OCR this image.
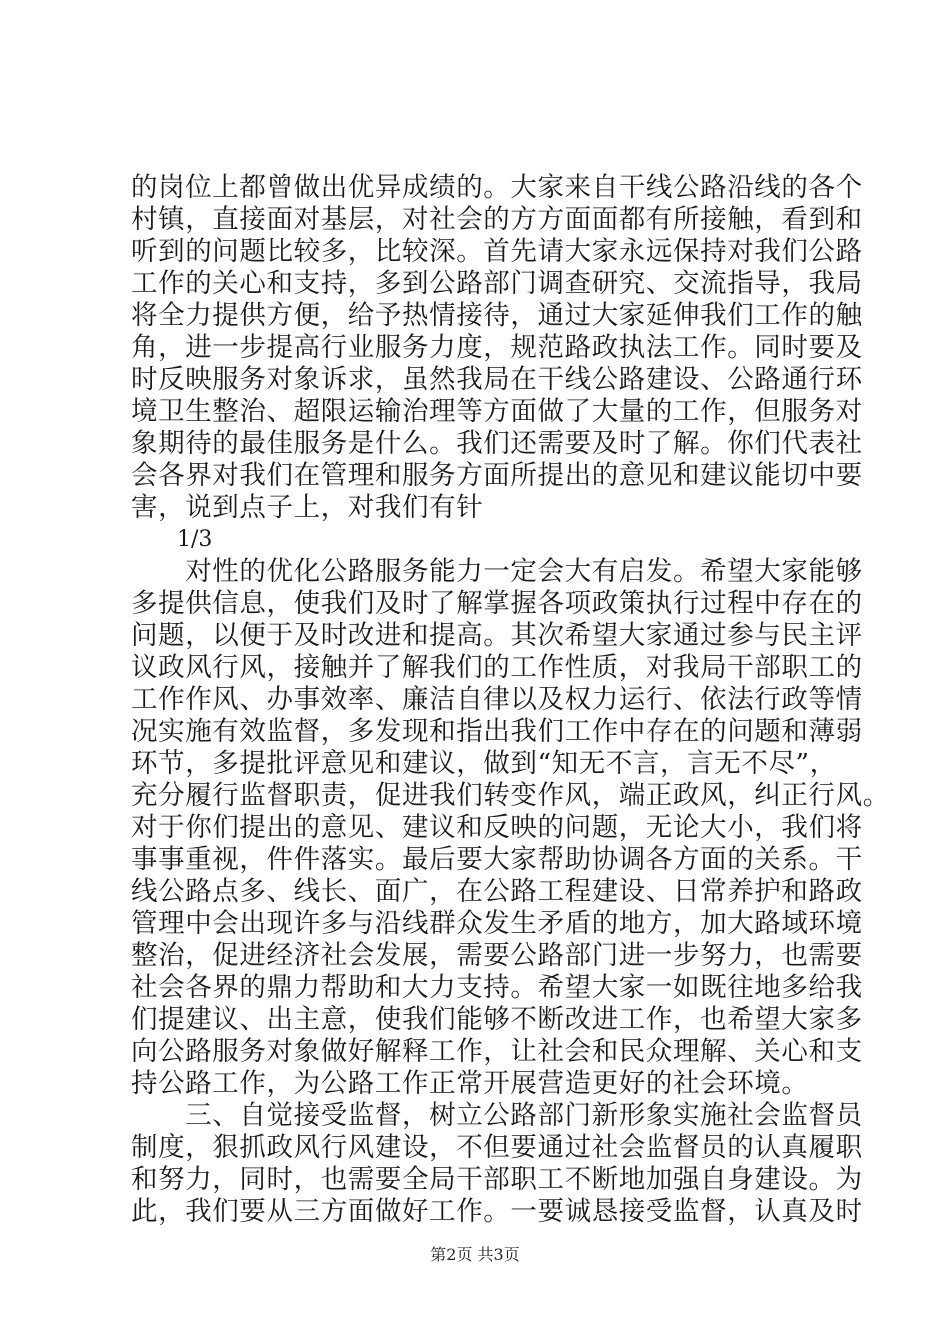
的岗位上都曾做出优异成绩的。大家来自干线公路沿线的各个
村镇，直接面对基层，对社会的方方面面都有所接触，看到和
听到的问题比较多，比较深。首先请大家永远保持对我们公路
工作的关心和支持，多到公路部门调查研究、交流指导，我局
将全力提供方便，给予热情接待，通过大家延伸我们工作的触
角，进一步提高行业服务力度，规范路政执法工作。同时要及
时反映服务对象诉求，虽然我局在干线公路建设、公路通行环
境卫生整治、超限运输治理等方面做了大量的工作，但服务对
象期待的最佳服务是什么。我们还需要及时了解。你们代表社
会各界对我们在管理和服务方面所提出的意见和建议能切中要
害，说到点子上，对我们有针
1/3
　　对性的优化公路服务能力一定会大有启发。希望大家能够
多提供信息，使我们及时了解掌握各项政策执行过程中存在的
问题，以便于及时改进和提高。其次希望大家通过参与民主评
议政风行风，接触并了解我们的工作性质，对我局干部职工的
工作作风、办事效率、廉洁自律以及权力运行、依法行政等情
况实施有效监督，多发现和指出我们工作中存在的问题和薄弱
环节，多提批评意见和建议，做到“知无不言，言无不尽”，
充分履行监督职责，促进我们转变作风，端正政风，纠正行风。
对于你们提出的意见、建议和反映的问题，无论大小，我们将
事事重视，件件落实。最后要大家帮助协调各方面的关系。干
线公路点多、线长、面广，在公路工程建设、日常养护和路政
管理中会出现许多与沿线群众发生矛盾的地方，加大路域环境
整治，促进经济社会发展，需要公路部门进一步努力，也需要
社会各界的鼎力帮助和大力支持。希望大家一如既往地多给我
们提建议、出主意，使我们能够不断改进工作，也希望大家多
向公路服务对象做好解释工作，让社会和民众理解、关心和支
持公路工作，为公路工作正常开展营造更好的社会环境。
　　三、自觉接受监督，树立公路部门新形象实施社会监督员
制度，狠抓政风行风建设，不但要通过社会监督员的认真履职
和努力，同时，也需要全局干部职工不断地加强自身建设。为
此，我们要从三方面做好工作。一要诚恳接受监督，认真及时
第2页 共3页
